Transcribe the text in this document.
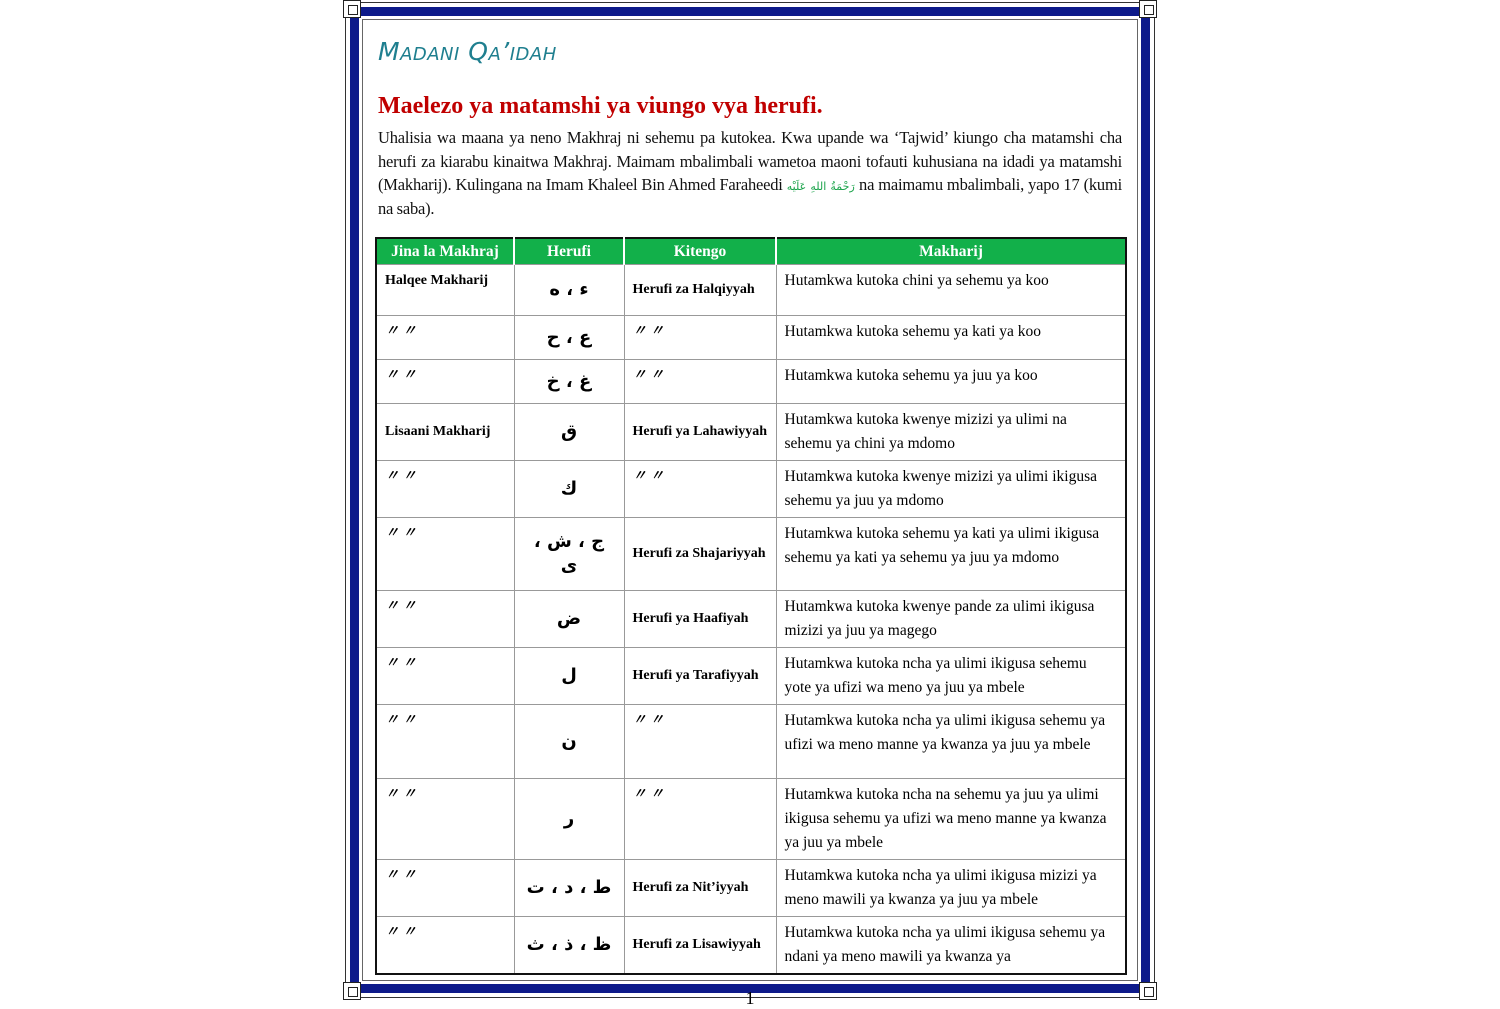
Madani Qa’idah
Maelezo ya matamshi ya viungo vya herufi.
Uhalisia wa maana ya neno Makhraj ni sehemu pa kutokea. Kwa upande wa ‘Tajwid’ kiungo cha matamshi cha herufi za kiarabu kinaitwa Makhraj. Maimam mbalimbali wametoa maoni tofauti kuhusiana na idadi ya matamshi (Makharij). Kulingana na Imam Khaleel Bin Ahmed Faraheedi رَحْمَةُ اللهِ عَلَيْه na maimamu mbalimbali, yapo 17 (kumi na saba).
Jina la Makhraj	Herufi	Kitengo	Makharij
Halqee Makharij	ء ، ه	Herufi za Halqiyyah	Hutamkwa kutoka chini ya sehemu ya koo
〃 〃	ع ، ح	〃 〃	Hutamkwa kutoka sehemu ya kati ya koo
〃 〃	غ ، خ	〃 〃	Hutamkwa kutoka sehemu ya juu ya koo
Lisaani Makharij	ق	Herufi ya Lahawiyyah	Hutamkwa kutoka kwenye mizizi ya ulimi na sehemu ya chini ya mdomo
〃 〃	ك	〃 〃	Hutamkwa kutoka kwenye mizizi ya ulimi ikigusa sehemu ya juu ya mdomo
〃 〃	ج ، ش ، ى	Herufi za Shajariyyah	Hutamkwa kutoka sehemu ya kati ya ulimi ikigusa sehemu ya kati ya sehemu ya juu ya mdomo
〃 〃	ض	Herufi ya Haafiyah	Hutamkwa kutoka kwenye pande za ulimi ikigusa mizizi ya juu ya magego
〃 〃	ل	Herufi ya Tarafiyyah	Hutamkwa kutoka ncha ya ulimi ikigusa sehemu yote ya ufizi wa meno ya juu ya mbele
〃 〃	ن	〃 〃	Hutamkwa kutoka ncha ya ulimi ikigusa sehemu ya ufizi wa meno manne ya kwanza ya juu ya mbele
〃 〃	ر	〃 〃	Hutamkwa kutoka ncha na sehemu ya juu ya ulimi ikigusa sehemu ya ufizi wa meno manne ya kwanza ya juu ya mbele
〃 〃	ط ، د ، ت	Herufi za Nit’iyyah	Hutamkwa kutoka ncha ya ulimi ikigusa mizizi ya meno mawili ya kwanza ya juu ya mbele
〃 〃	ظ ، ذ ، ث	Herufi za Lisawiyyah	Hutamkwa kutoka ncha ya ulimi ikigusa sehemu ya ndani ya meno mawili ya kwanza ya
1
